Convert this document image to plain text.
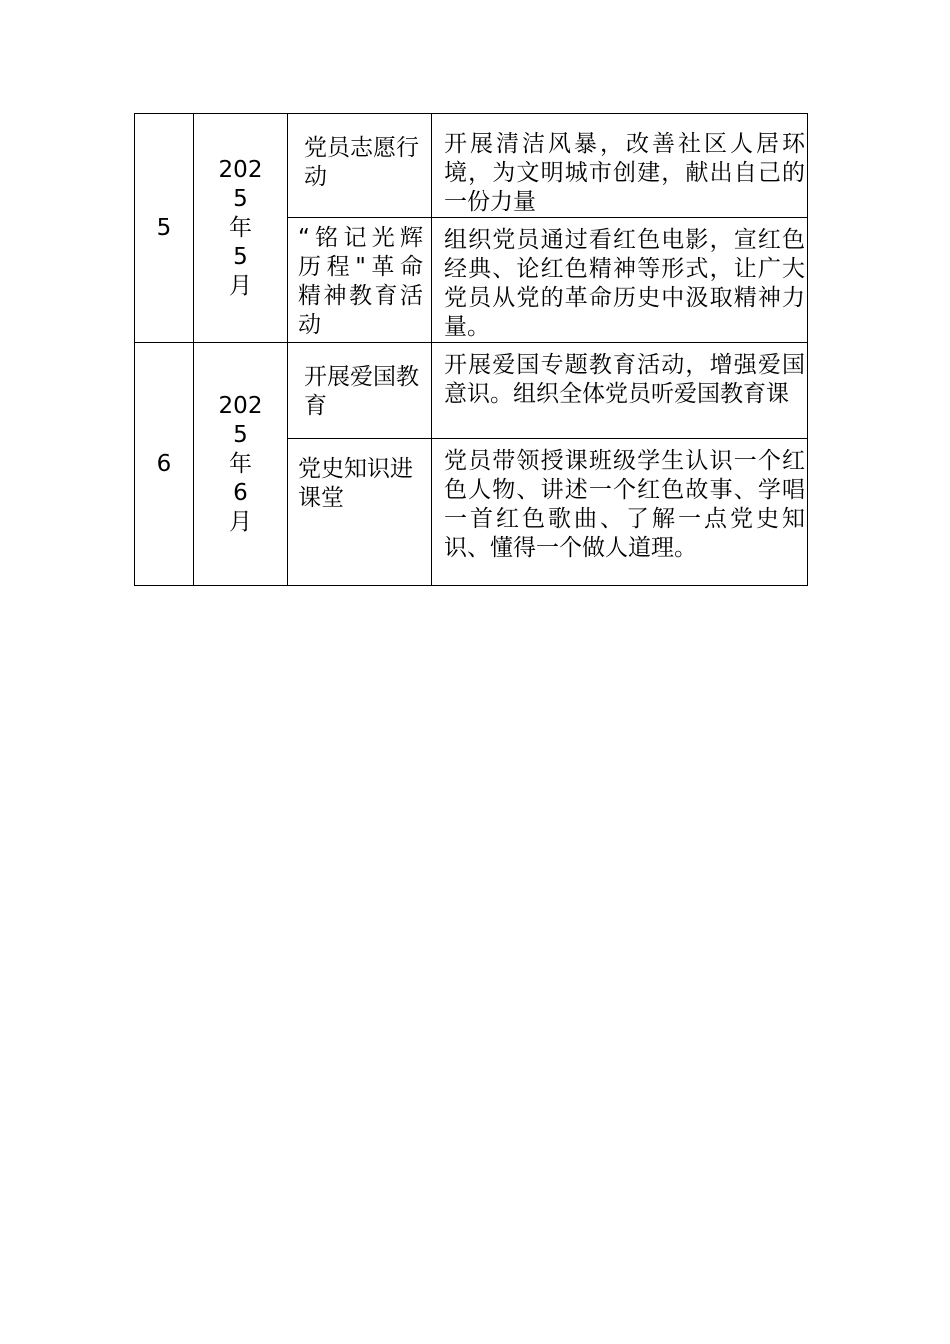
5	202
5
年
5
月	党员志愿行动	开展清洁风暴，改善社区人居环境，为文明城市创建，献出自己的一份力量
		“铭记光辉历程"革命精神教育活动	组织党员通过看红色电影，宣红色经典、论红色精神等形式，让广大党员从党的革命历史中汲取精神力量。
6	202
5
年
6
月	开展爱国教育	开展爱国专题教育活动，增强爱国意识。组织全体党员听爱国教育课
		党史知识进课堂	党员带领授课班级学生认识一个红色人物、讲述一个红色故事、学唱一首红色歌曲、了解一点党史知识、懂得一个做人道理。
